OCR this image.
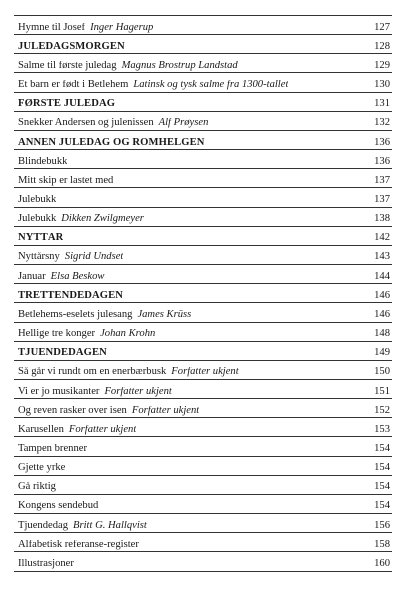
Hymne til Josef Inger Hagerup	127
JULEDAGSMORGEN	128
Salme til første juledag Magnus Brostrup Landstad	129
Et barn er født i Betlehem Latinsk og tysk salme fra 1300-tallet	130
FØRSTE JULEDAG	131
Snekker Andersen og julenissen Alf Prøysen	132
ANNEN JULEDAG OG ROMHELGEN	136
Blindebukk	136
Mitt skip er lastet med	137
Julebukk	137
Julebukk Dikken Zwilgmeyer	138
NYTTÅR	142
Nyttårsny Sigrid Undset	143
Januar Elsa Beskow	144
TRETTENDEDAGEN	146
Betlehems-eselets julesang James Krüss	146
Hellige tre konger Johan Krohn	148
TJUENDEDAGEN	149
Så går vi rundt om en enerbærbusk Forfatter ukjent	150
Vi er jo musikanter Forfatter ukjent	151
Og reven rasker over isen Forfatter ukjent	152
Karusellen Forfatter ukjent	153
Tampen brenner	154
Gjette yrke	154
Gå riktig	154
Kongens sendebud	154
Tjuendedag Britt G. Hallqvist	156
Alfabetisk referanse-register	158
Illustrasjoner	160
